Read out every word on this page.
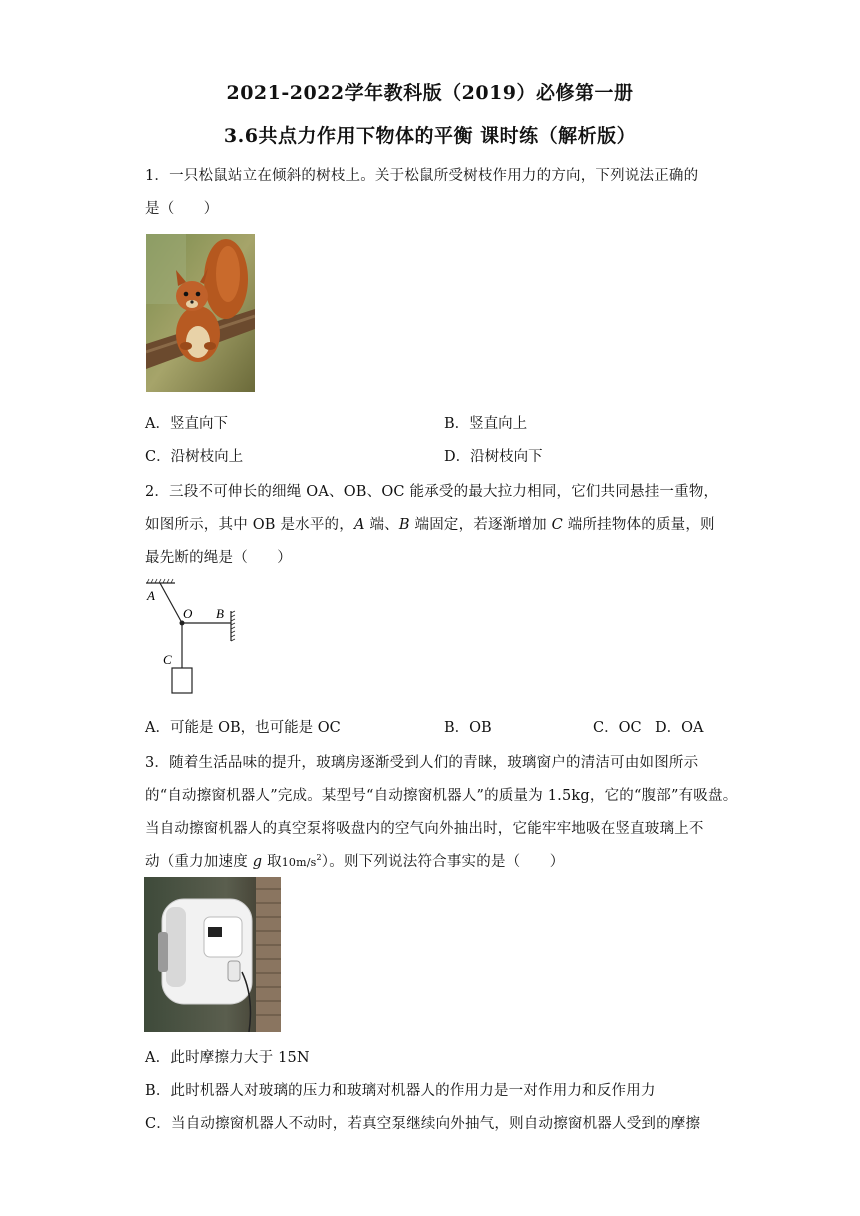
2021-2022学年教科版（2019）必修第一册
3.6共点力作用下物体的平衡 课时练（解析版）
1．一只松鼠站立在倾斜的树枝上。关于松鼠所受树枝作用力的方向，下列说法正确的
是（　　）
A．竖直向下	B．竖直向上
C．沿树枝向上	D．沿树枝向下
2．三段不可伸长的细绳 OA、OB、OC 能承受的最大拉力相同，它们共同悬挂一重物，
如图所示，其中 OB 是水平的，A 端、B 端固定，若逐渐增加 C 端所挂物体的质量，则
最先断的绳是（　　）
A
O B
C
A．可能是 OB，也可能是 OC	B．OB	C．OC D．OA
3．随着生活品味的提升，玻璃房逐渐受到人们的青睐，玻璃窗户的清洁可由如图所示
的“自动擦窗机器人”完成。某型号“自动擦窗机器人”的质量为 1.5kg，它的“腹部”有吸盘。
当自动擦窗机器人的真空泵将吸盘内的空气向外抽出时，它能牢牢地吸在竖直玻璃上不
动（重力加速度 g 取$10m/s^2$）。则下列说法符合事实的是（　　）
A．此时摩擦力大于 15N
B．此时机器人对玻璃的压力和玻璃对机器人的作用力是一对作用力和反作用力
C．当自动擦窗机器人不动时，若真空泵继续向外抽气，则自动擦窗机器人受到的摩擦
